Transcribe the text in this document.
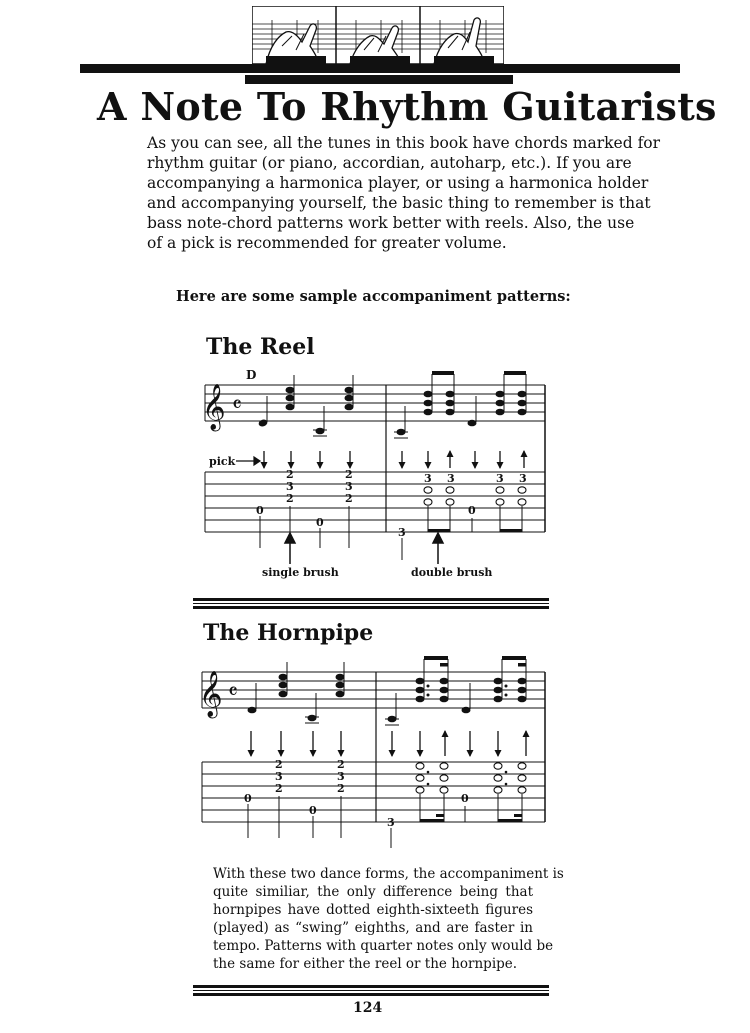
A Note To Rhythm Guitarists

As you can see, all the tunes in this book have chords marked for
rhythm guitar (or piano, accordian, autoharp, etc.). If you are
accompanying a harmonica player, or using a harmonica holder
and accompanying yourself, the basic thing to remember is that
bass note-chord patterns work better with reels. Also, the use
of a pick is recommended for greater volume.

Here are some sample accompaniment patterns:
The Reel
𝄞 𝄴
D
pick
2
3
2
2
3
2
0
0
3
3 3	3 3
0
single brush	double brush
The Hornpipe
𝄞 𝄴
2
3
2
2
3
2
0
0
3
0

With these two dance forms, the accompaniment is
quite similiar, the only difference being that
hornpipes have dotted eighth-sixteeth figures
(played) as “swing” eighths, and are faster in
tempo. Patterns with quarter notes only would be
the same for either the reel or the hornpipe.

124
